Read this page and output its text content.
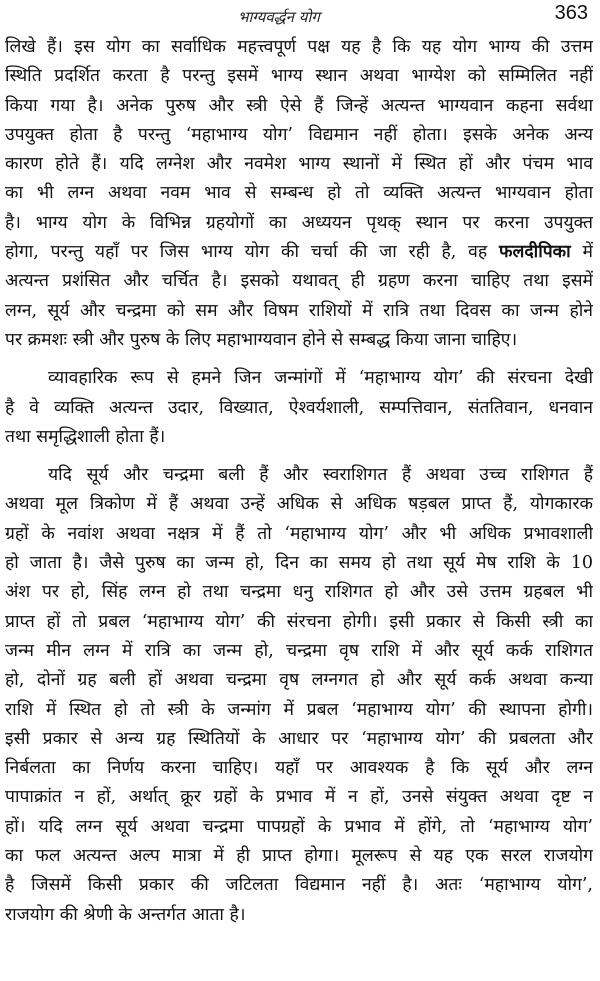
भाग्यवर्द्धन योग	363
लिखे हैं। इस योग का सर्वाधिक महत्त्वपूर्ण पक्ष यह है कि यह योग भाग्य की उत्तम
स्थिति प्रदर्शित करता है परन्तु इसमें भाग्य स्थान अथवा भाग्येश को सम्मिलित नहीं
किया गया है। अनेक पुरुष और स्त्री ऐसे हैं जिन्हें अत्यन्त भाग्यवान कहना सर्वथा
उपयुक्त होता है परन्तु ‘महाभाग्य योग’ विद्यमान नहीं होता। इसके अनेक अन्य
कारण होते हैं। यदि लग्नेश और नवमेश भाग्य स्थानों में स्थित हों और पंचम भाव
का भी लग्न अथवा नवम भाव से सम्बन्ध हो तो व्यक्ति अत्यन्त भाग्यवान होता
है। भाग्य योग के विभिन्न ग्रहयोगों का अध्ययन पृथक् स्थान पर करना उपयुक्त
होगा, परन्तु यहाँ पर जिस भाग्य योग की चर्चा की जा रही है, वह फलदीपिका में
अत्यन्त प्रशंसित और चर्चित है। इसको यथावत् ही ग्रहण करना चाहिए तथा इसमें
लग्न, सूर्य और चन्द्रमा को सम और विषम राशियों में रात्रि तथा दिवस का जन्म होने
पर क्रमशः स्त्री और पुरुष के लिए महाभाग्यवान होने से सम्बद्ध किया जाना चाहिए।
व्यावहारिक रूप से हमने जिन जन्मांगों में ‘महाभाग्य योग’ की संरचना देखी
है वे व्यक्ति अत्यन्त उदार, विख्यात, ऐश्वर्यशाली, सम्पत्तिवान, संततिवान, धनवान
तथा समृद्धिशाली होता हैं।
यदि सूर्य और चन्द्रमा बली हैं और स्वराशिगत हैं अथवा उच्च राशिगत हैं
अथवा मूल त्रिकोण में हैं अथवा उन्हें अधिक से अधिक षड़बल प्राप्त हैं, योगकारक
ग्रहों के नवांश अथवा नक्षत्र में हैं तो ‘महाभाग्य योग’ और भी अधिक प्रभावशाली
हो जाता है। जैसे पुरुष का जन्म हो, दिन का समय हो तथा सूर्य मेष राशि के 10
अंश पर हो, सिंह लग्न हो तथा चन्द्रमा धनु राशिगत हो और उसे उत्तम ग्रहबल भी
प्राप्त हों तो प्रबल ‘महाभाग्य योग’ की संरचना होगी। इसी प्रकार से किसी स्त्री का
जन्म मीन लग्न में रात्रि का जन्म हो, चन्द्रमा वृष राशि में और सूर्य कर्क राशिगत
हो, दोनों ग्रह बली हों अथवा चन्द्रमा वृष लग्नगत हो और सूर्य कर्क अथवा कन्या
राशि में स्थित हो तो स्त्री के जन्मांग में प्रबल ‘महाभाग्य योग’ की स्थापना होगी।
इसी प्रकार से अन्य ग्रह स्थितियों के आधार पर ‘महाभाग्य योग’ की प्रबलता और
निर्बलता का निर्णय करना चाहिए। यहाँ पर आवश्यक है कि सूर्य और लग्न
पापाक्रांत न हों, अर्थात् क्रूर ग्रहों के प्रभाव में न हों, उनसे संयुक्त अथवा दृष्ट न
हों। यदि लग्न सूर्य अथवा चन्द्रमा पापग्रहों के प्रभाव में होंगे, तो ‘महाभाग्य योग’
का फल अत्यन्त अल्प मात्रा में ही प्राप्त होगा। मूलरूप से यह एक सरल राजयोग
है जिसमें किसी प्रकार की जटिलता विद्यमान नहीं है। अतः ‘महाभाग्य योग’,
राजयोग की श्रेणी के अन्तर्गत आता है।
